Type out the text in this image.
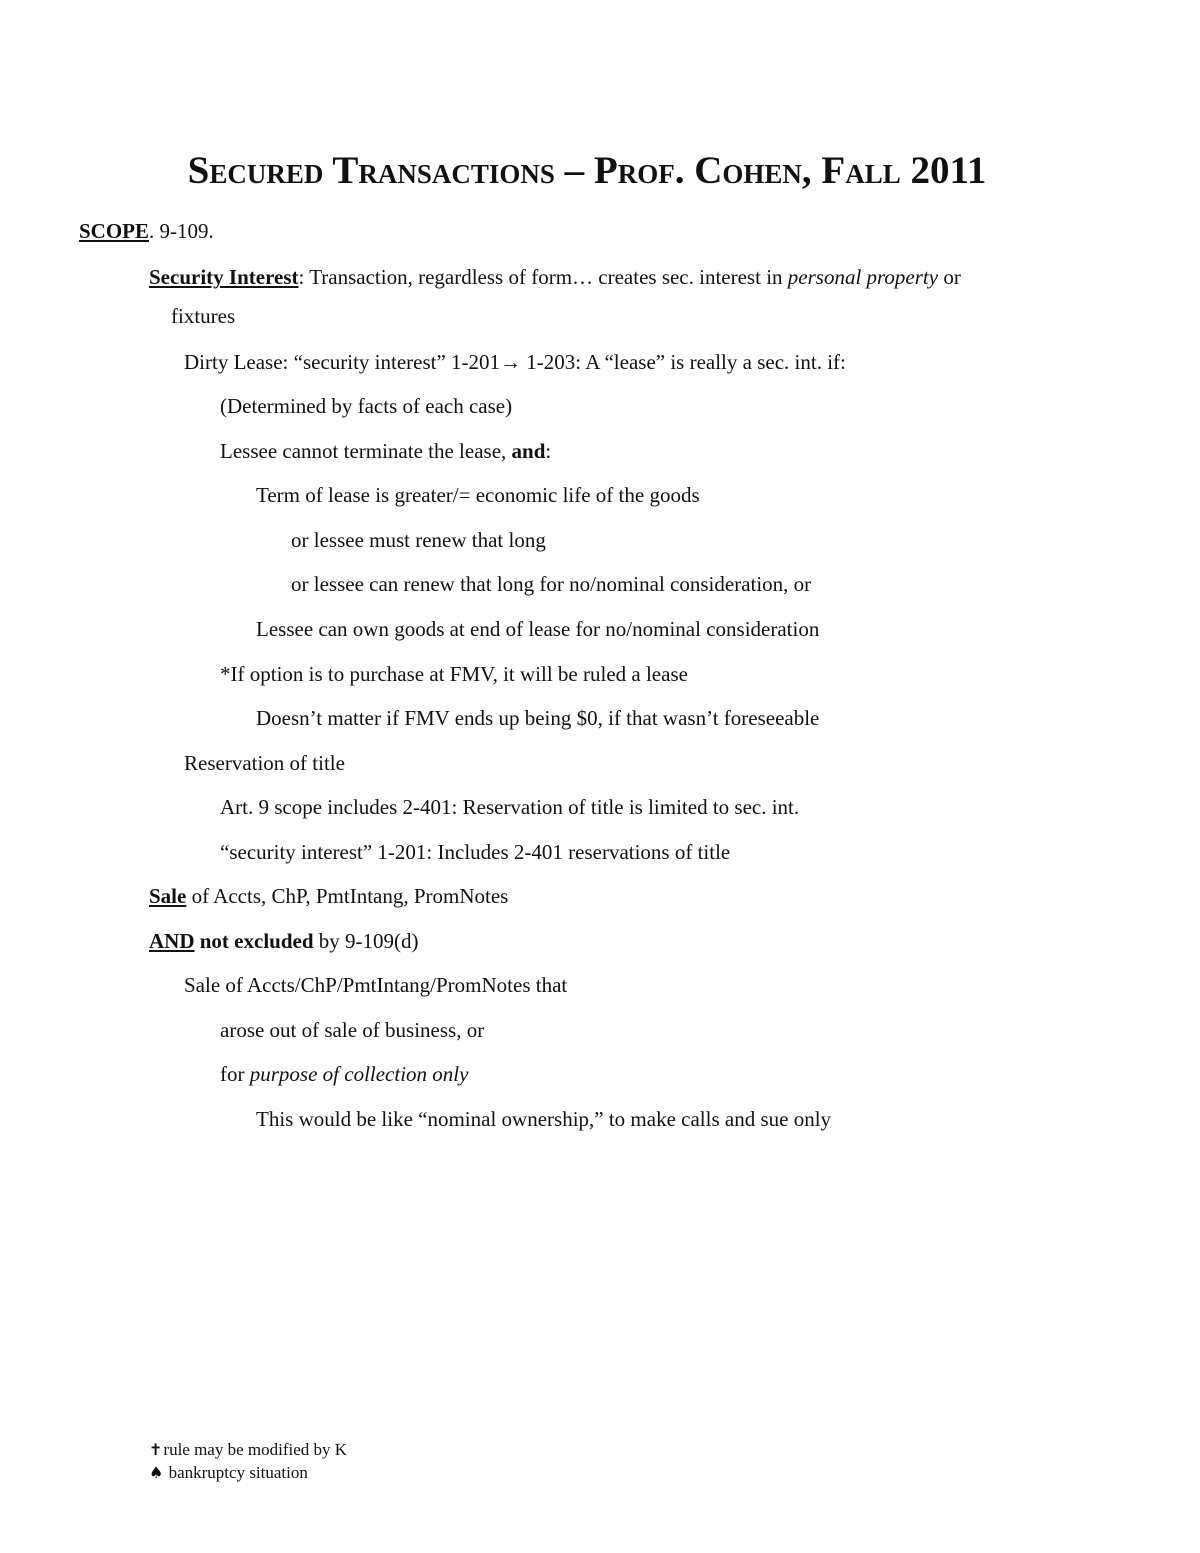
Secured Transactions – Prof. Cohen, Fall 2011
SCOPE. 9-109.
Security Interest: Transaction, regardless of form… creates sec. interest in personal property or
fixtures
Dirty Lease: “security interest” 1-201→ 1-203: A “lease” is really a sec. int. if:
(Determined by facts of each case)
Lessee cannot terminate the lease, and:
Term of lease is greater/= economic life of the goods
or lessee must renew that long
or lessee can renew that long for no/nominal consideration, or
Lessee can own goods at end of lease for no/nominal consideration
*If option is to purchase at FMV, it will be ruled a lease
Doesn’t matter if FMV ends up being $0, if that wasn’t foreseeable
Reservation of title
Art. 9 scope includes 2-401: Reservation of title is limited to sec. int.
“security interest” 1-201: Includes 2-401 reservations of title
Sale of Accts, ChP, PmtIntang, PromNotes
AND not excluded by 9-109(d)
Sale of Accts/ChP/PmtIntang/PromNotes that
arose out of sale of business, or
for purpose of collection only
This would be like “nominal ownership,” to make calls and sue only
✝rule may be modified by K
♠ bankruptcy situation
